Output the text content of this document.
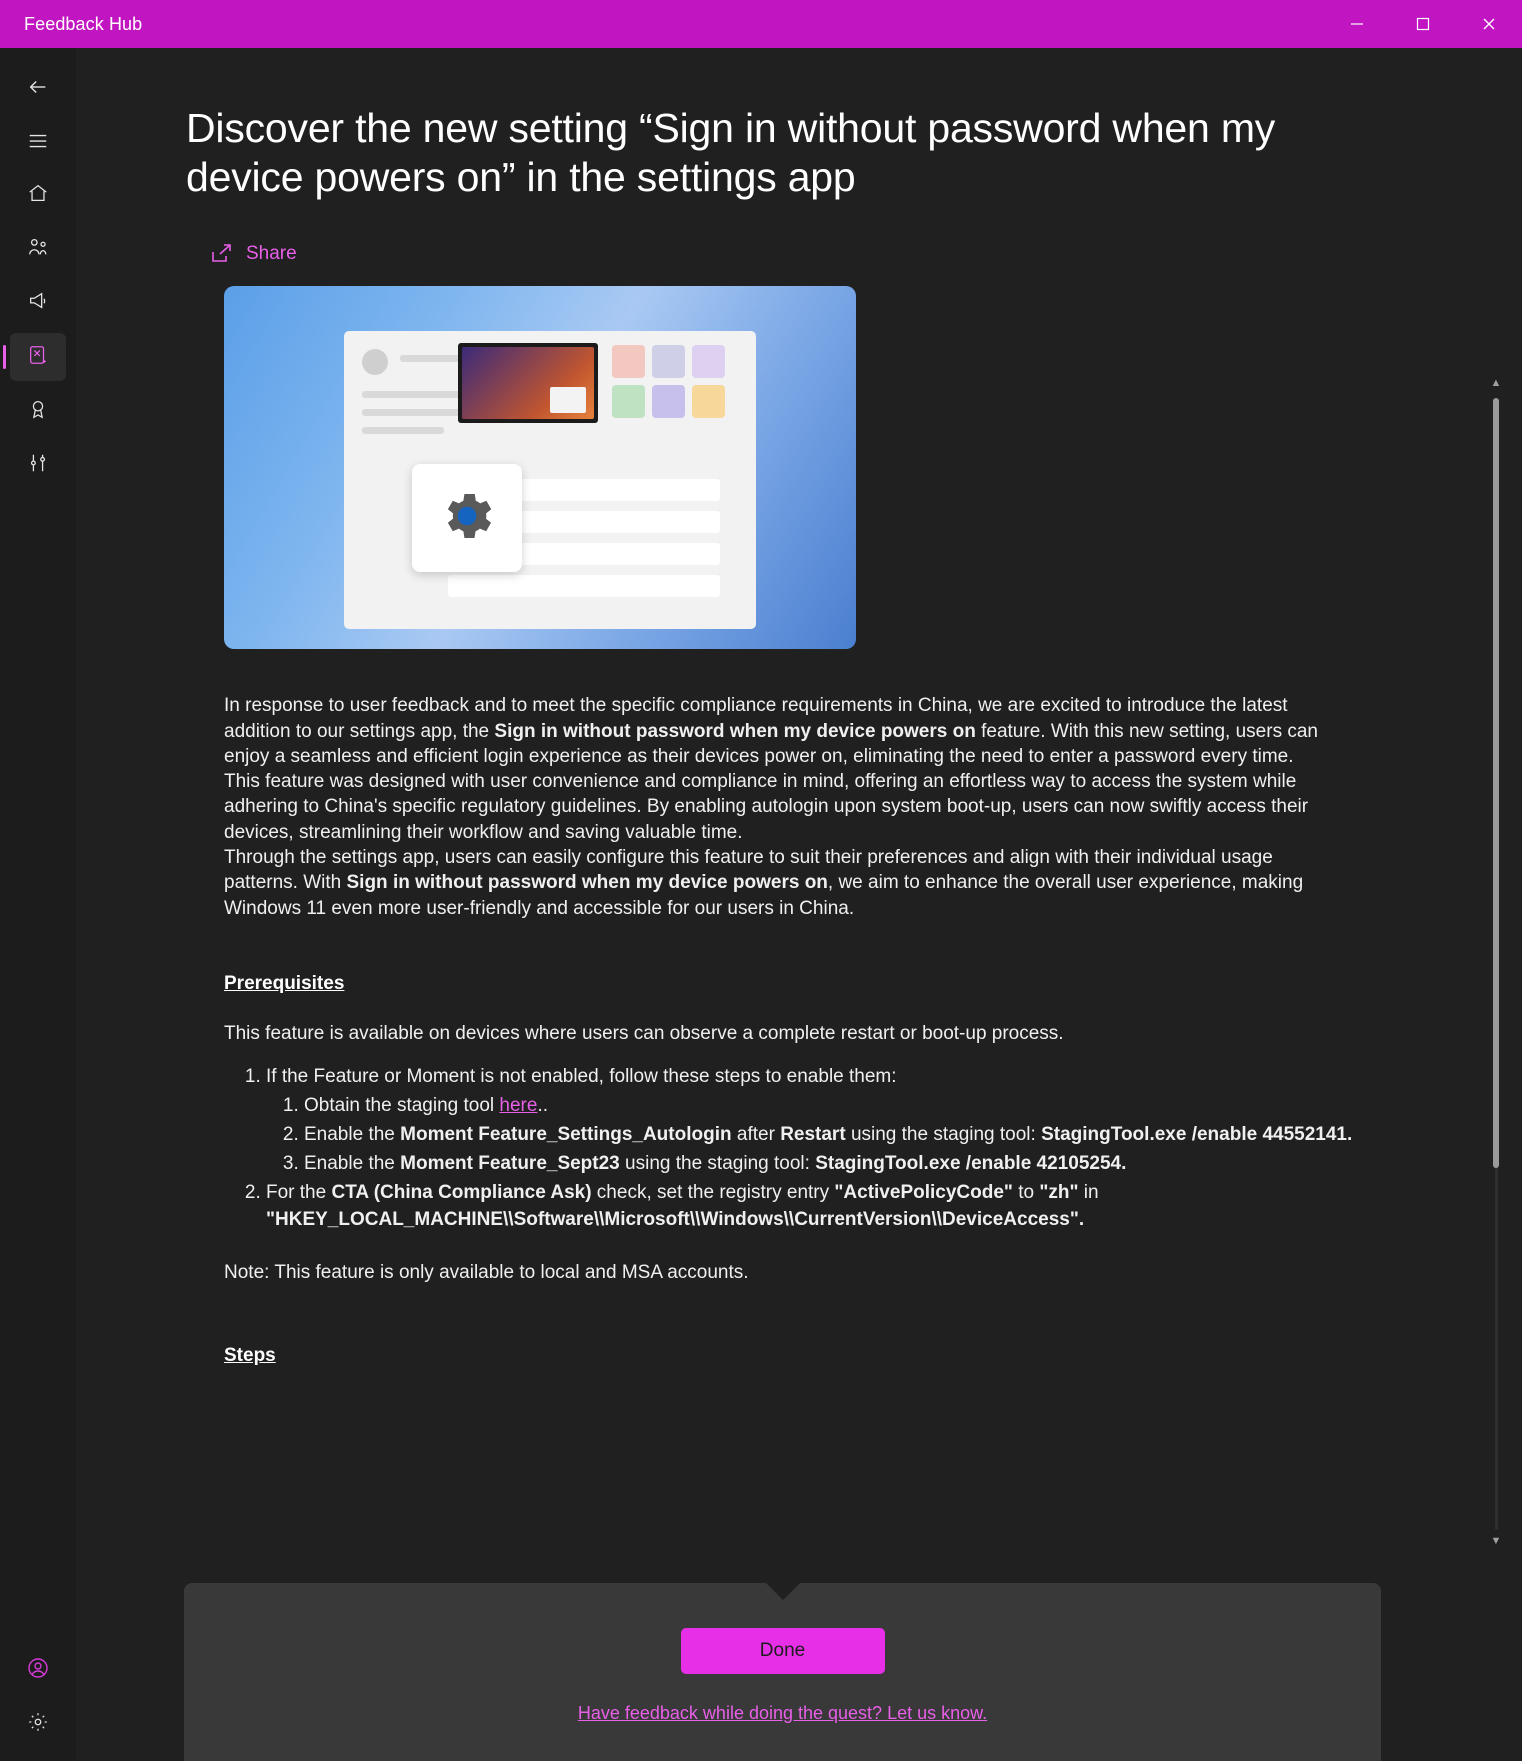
Feedback Hub
Discover the new setting “Sign in without password when my device powers on” in the settings app
Share

In response to user feedback and to meet the specific compliance requirements in China, we are excited to introduce the latest addition to our settings app, the Sign in without password when my device powers on feature. With this new setting, users can enjoy a seamless and efficient login experience as their devices power on, eliminating the need to enter a password every time.

This feature was designed with user convenience and compliance in mind, offering an effortless way to access the system while adhering to China's specific regulatory guidelines. By enabling autologin upon system boot-up, users can now swiftly access their devices, streamlining their workflow and saving valuable time.

Through the settings app, users can easily configure this feature to suit their preferences and align with their individual usage patterns. With Sign in without password when my device powers on, we aim to enhance the overall user experience, making Windows 11 even more user-friendly and accessible for our users in China.

Prerequisites
This feature is available on devices where users can observe a complete restart or boot-up process.
1. If the Feature or Moment is not enabled, follow these steps to enable them:
1. Obtain the staging tool here..
2. Enable the Moment Feature_Settings_Autologin after Restart using the staging tool: StagingTool.exe /enable 44552141.
3. Enable the Moment Feature_Sept23 using the staging tool: StagingTool.exe /enable 42105254.
2. For the CTA (China Compliance Ask) check, set the registry entry "ActivePolicyCode" to "zh" in "HKEY_LOCAL_MACHINE\\Software\\Microsoft\\Windows\\CurrentVersion\\DeviceAccess".
Note: This feature is only available to local and MSA accounts.
Steps
▲
▼
Done
Have feedback while doing the quest? Let us know.
